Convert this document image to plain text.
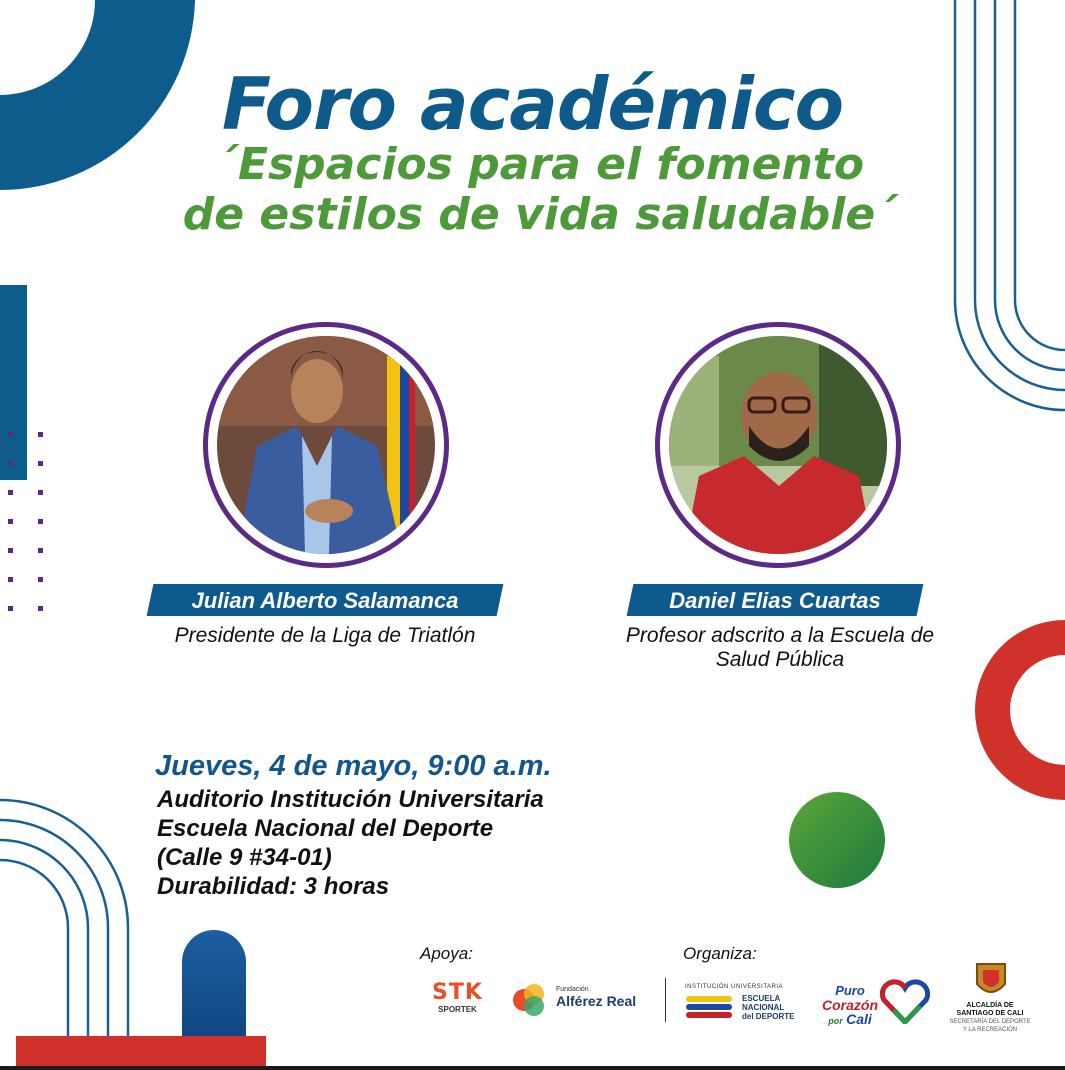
Foro académico
´Espacios para el fomento
de estilos de vida saludable´
Julian Alberto Salamanca
Presidente de la Liga de Triatlón
Daniel Elias Cuartas
Profesor adscrito a la Escuela de
Salud Pública
Jueves, 4 de mayo, 9:00 a.m.
Auditorio Institución Universitaria
Escuela Nacional del Deporte
(Calle 9 #34-01)
Durabilidad: 3 horas
Apoya:	Organiza:
STK
SPORTEK
Fundación
Alférez Real
INSTITUCIÓN UNIVERSITARIA
ESCUELA
NACIONAL
del DEPORTE
Puro
Corazón
por Cali
ALCALDÍA DE
SANTIAGO DE CALI
SECRETARÍA DEL DEPORTE
Y LA RECREACIÓN
